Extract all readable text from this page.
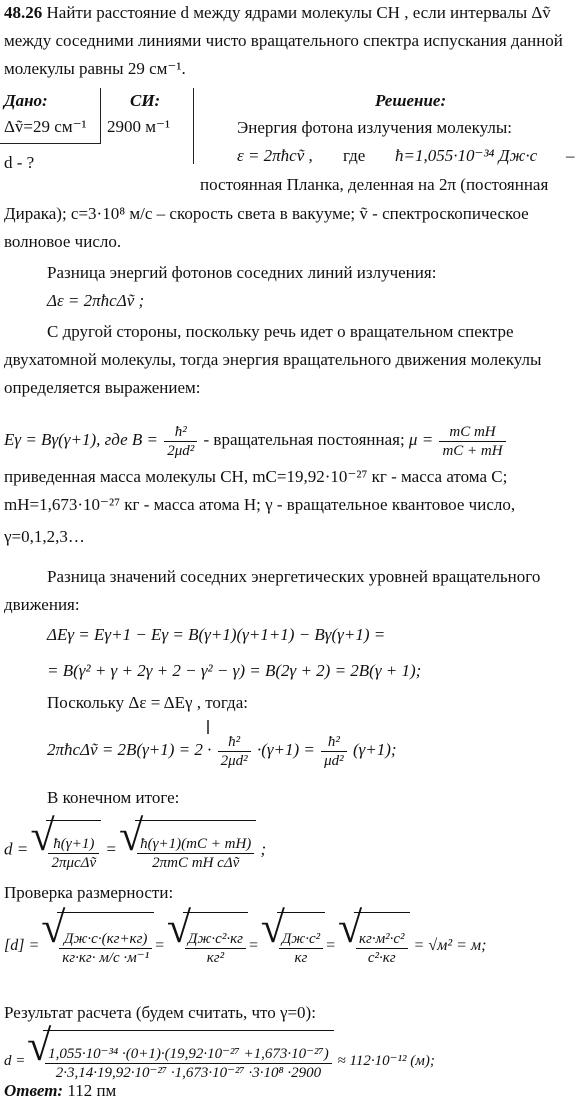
48.26 Найти расстояние d между ядрами молекулы CH , если интервалы Δṽ
между соседними линиями чисто вращательного спектра испускания данной
молекулы равны 29 см⁻¹.
Дано:	СИ:
Δṽ=29 см⁻¹	2900 м⁻¹
d - ?
Решение:
Энергия фотона излучения молекулы:
ε = 2πħcṽ ,	где	ħ=1,055·10⁻³⁴ Дж·с	–
постоянная Планка, деленная на 2π (постоянная
Дирака); c=3·10⁸ м/с – скорость света в вакууме; ṽ - спектроскопическое
волновое число.
Разница энергий фотонов соседних линий излучения:
Δε = 2πħcΔṽ ;
С другой стороны, поскольку речь идет о вращательном спектре
двухатомной молекулы, тогда энергия вращательного движения молекулы
определяется выражением:
Eγ = Bγ(γ+1), где $B = \frac{\text{ħ²}}{\text{2μd²}}$ - вращательная постоянная; $\mu = \frac{\text{mC mH}}{mC + mH}$
приведенная масса молекулы CH, mC=19,92·10⁻²⁷ кг - масса атома C;
mH=1,673·10⁻²⁷ кг - масса атома H; γ - вращательное квантовое число,
γ=0,1,2,3…
Разница значений соседних энергетических уровней вращательного
движения:
ΔEγ = Eγ+1 − Eγ = B(γ+1)(γ+1+1) − Bγ(γ+1) =
= B(γ² + γ + 2γ + 2 − γ² − γ) = B(2γ + 2) = 2B(γ + 1);
Поскольку Δε = ΔEγ , тогда:
2πħcΔṽ = $2B(\gamma+1) = 2 \cdot \frac{\text{ħ²}}{\text{2μd²}} \cdot(\gamma+1) = \frac{\text{ħ²}}{\text{μd²}} (\gamma+1)$;
В конечном итоге:
d = √ $\frac{ħ(\gamma+1)}{\text{2πμcΔṽ}}$ = √ $\frac{ħ(\gamma+1)(mC + mH)}{\text{2πmC mH cΔṽ}}$ ;
Проверка размерности:
[d] = √ $\frac{Дж\cdot с\cdot(кг+кг)}{\text{кг·кг· м/с ·м⁻¹}}$ = √ $\frac{\text{Дж·с²·кг}}{\text{кг²}}$ = √ $\frac{\text{Дж·с²}}{кг}$ = √ $\frac{\text{кг·м²·с²}}{\text{с²·кг}} = √м^2 = м$;
Результат расчета (будем считать, что γ=0):
d = √ $\frac{\text{1,055·10⁻³⁴ ·(0+1)·(19,92·10⁻²⁷ +1,673·10⁻²⁷)}}{\text{2·3,14·19,92·10⁻²⁷ ·1,673·10⁻²⁷ ·3·10⁸ ·2900}} \approx 112\cdot 10^{-12}$ (м);
Ответ: 112 пм
